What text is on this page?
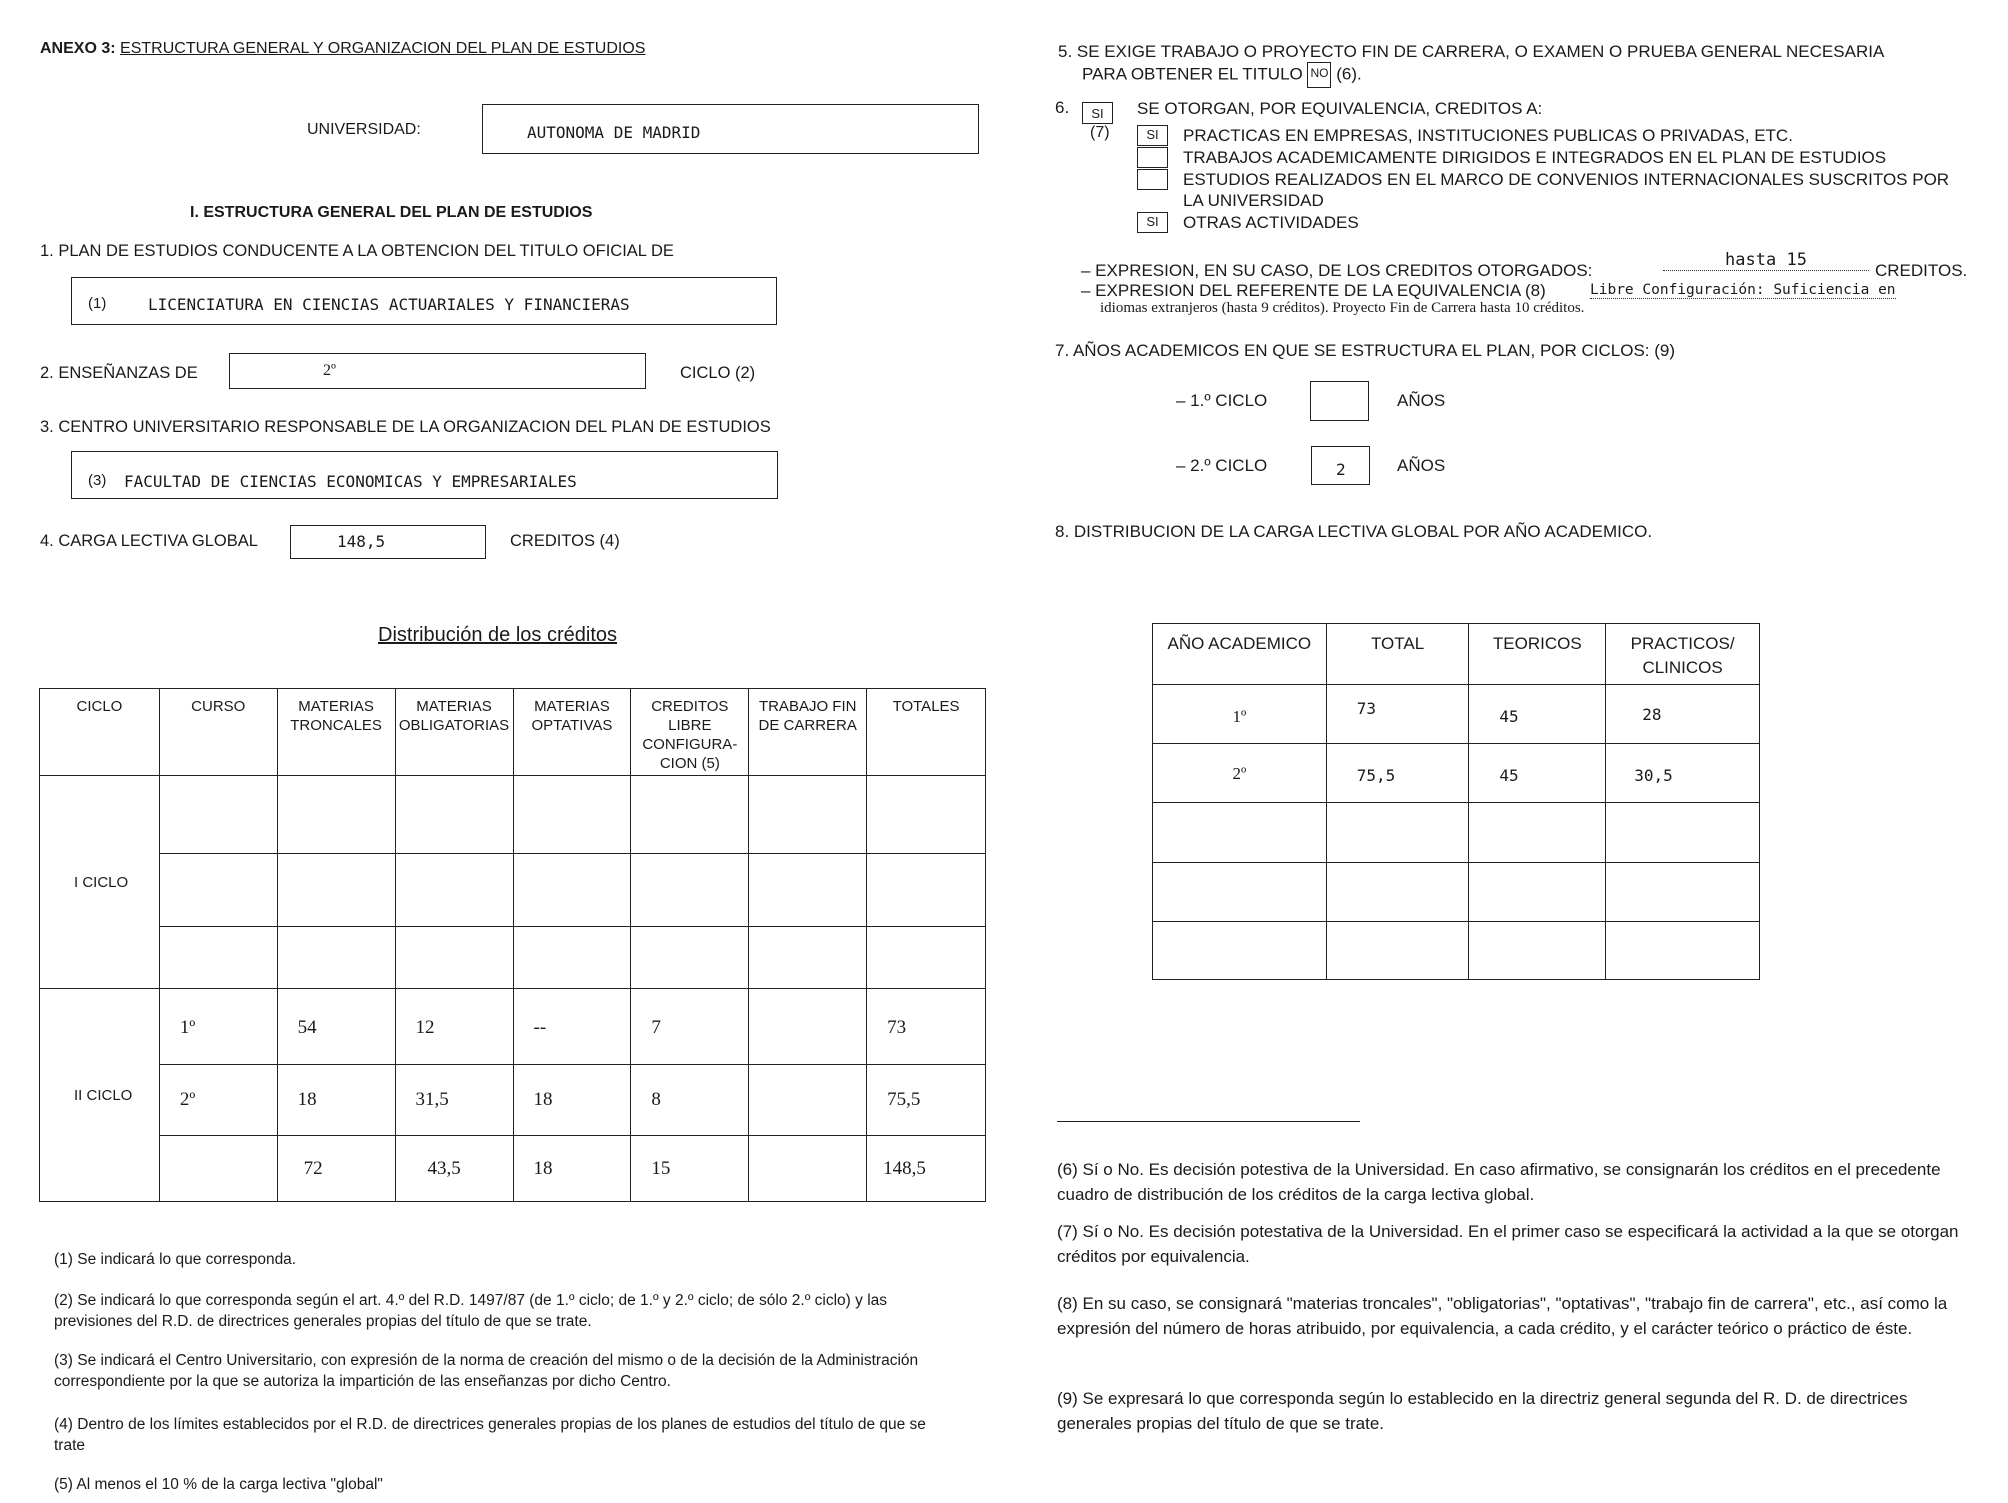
ANEXO 3: ESTRUCTURA GENERAL Y ORGANIZACION DEL PLAN DE ESTUDIOS
UNIVERSIDAD:	AUTONOMA DE MADRID
I. ESTRUCTURA GENERAL DEL PLAN DE ESTUDIOS
1. PLAN DE ESTUDIOS CONDUCENTE A LA OBTENCION DEL TITULO OFICIAL DE
(1)	LICENCIATURA EN CIENCIAS ACTUARIALES Y FINANCIERAS
2. ENSEÑANZAS DE	2º	CICLO (2)
3. CENTRO UNIVERSITARIO RESPONSABLE DE LA ORGANIZACION DEL PLAN DE ESTUDIOS
(3) FACULTAD DE CIENCIAS ECONOMICAS Y EMPRESARIALES
4. CARGA LECTIVA GLOBAL	148,5	CREDITOS (4)
Distribución de los créditos
CICLO	CURSO	MATERIAS TRONCALES	MATERIAS OBLIGATORIAS	MATERIAS OPTATIVAS	CREDITOS LIBRE CONFIGURA- CION (5)	TRABAJO FIN DE CARRERA	TOTALES
I CICLO							

II CICLO	1º	54	12	--	7		73
	2º	18	31,5	18	8		75,5
		72	43,5	18	15		148,5
(1) Se indicará lo que corresponda.
(2) Se indicará lo que corresponda según el art. 4.º del R.D. 1497/87 (de 1.º ciclo; de 1.º y 2.º ciclo; de sólo 2.º ciclo) y las previsiones del R.D. de directrices generales propias del título de que se trate.
(3) Se indicará el Centro Universitario, con expresión de la norma de creación del mismo o de la decisión de la Administración correspondiente por la que se autoriza la impartición de las enseñanzas por dicho Centro.
(4) Dentro de los límites establecidos por el R.D. de directrices generales propias de los planes de estudios del título de que se trate
(5) Al menos el 10 % de la carga lectiva "global"
5. SE EXIGE TRABAJO O PROYECTO FIN DE CARRERA, O EXAMEN O PRUEBA GENERAL NECESARIA
PARA OBTENER EL TITULO NO (6).
6.	SI
(7)
SE OTORGAN, POR EQUIVALENCIA, CREDITOS A:
SI	PRACTICAS EN EMPRESAS, INSTITUCIONES PUBLICAS O PRIVADAS, ETC.
TRABAJOS ACADEMICAMENTE DIRIGIDOS E INTEGRADOS EN EL PLAN DE ESTUDIOS
ESTUDIOS REALIZADOS EN EL MARCO DE CONVENIOS INTERNACIONALES SUSCRITOS POR LA UNIVERSIDAD
SI	OTRAS ACTIVIDADES
– EXPRESION, EN SU CASO, DE LOS CREDITOS OTORGADOS:
hasta 15
CREDITOS.
– EXPRESION DEL REFERENTE DE LA EQUIVALENCIA (8)	Libre Configuración: Suficiencia en
idiomas extranjeros (hasta 9 créditos). Proyecto Fin de Carrera hasta 10 créditos.
7. AÑOS ACADEMICOS EN QUE SE ESTRUCTURA EL PLAN, POR CICLOS: (9)
– 1.º CICLO	AÑOS
– 2.º CICLO	2	AÑOS
8. DISTRIBUCION DE LA CARGA LECTIVA GLOBAL POR AÑO ACADEMICO.
AÑO ACADEMICO	TOTAL	TEORICOS	PRACTICOS/ CLINICOS
1º	73	45	28
2º	75,5	45	30,5

(6) Sí o No. Es decisión potestiva de la Universidad. En caso afirmativo, se consignarán los créditos en el precedente cuadro de distribución de los créditos de la carga lectiva global.
(7) Sí o No. Es decisión potestativa de la Universidad. En el primer caso se especificará la actividad a la que se otorgan créditos por equivalencia.
(8) En su caso, se consignará "materias troncales", "obligatorias", "optativas", "trabajo fin de carrera", etc., así como la expresión del número de horas atribuido, por equivalencia, a cada crédito, y el carácter teórico o práctico de éste.
(9) Se expresará lo que corresponda según lo establecido en la directriz general segunda del R. D. de directrices generales propias del título de que se trate.
